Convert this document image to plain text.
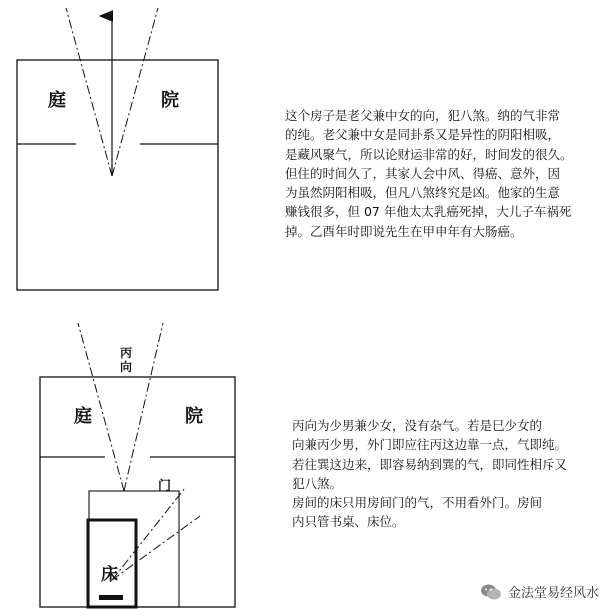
庭	院
这个房子是老父兼中女的向，犯八煞。纳的气非常
的纯。老父兼中女是同卦系又是异性的阴阳相吸，
是藏风聚气，所以论财运非常的好，时间发的很久。
但住的时间久了，其家人会中风、得癌、意外，因
为虽然阴阳相吸，但凡八煞终究是凶。他家的生意
赚钱很多，但 07 年他太太乳癌死掉，大儿子车祸死
掉。乙酉年时即说先生在甲申年有大肠癌。
丙向
庭	院
门
床
丙向为少男兼少女，没有杂气。若是巳少女的
向兼丙少男，外门即应往丙这边靠一点，气即纯。
若往巽这边来，即容易纳到巽的气，即同性相斥又
犯八煞。
房间的床只用房间门的气，不用看外门。房间
内只管书桌、床位。
金法堂易经风水
